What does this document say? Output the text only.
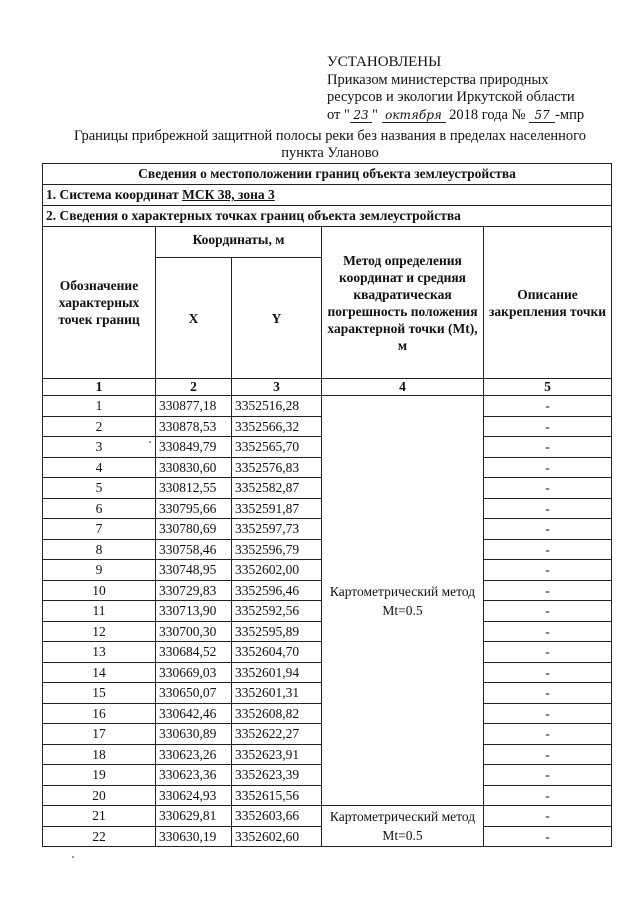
УСТАНОВЛЕНЫ
Приказом министерства природных
ресурсов и экологии Иркутской области
от " 23 " октября 2018 года № 57 -мпр
Границы прибрежной защитной полосы реки без названия в пределах населенного
пункта Уланово
Сведения о местоположении границ объекта землеустройства				
1. Система координат МСК 38, зона 3				
2. Сведения о характерных точках границ объекта землеустройства				
Обозначение характерных точек границ	Координаты, м		Метод определения координат и средняя квадратическая погрешность положения характерной точки (Mt), м	Описание закрепления точки
	X	Y		
1	2	3	4	5
1	330877,18	3352516,28	Картометрический метод Mt=0.5	-
2	330878,53	3352566,32		-
3	330849,79	3352565,70		-
4	330830,60	3352576,83		-
5	330812,55	3352582,87		-
6	330795,66	3352591,87		-
7	330780,69	3352597,73		-
8	330758,46	3352596,79		-
9	330748,95	3352602,00		-
10	330729,83	3352596,46		-
11	330713,90	3352592,56		-
12	330700,30	3352595,89		-
13	330684,52	3352604,70		-
14	330669,03	3352601,94		-
15	330650,07	3352601,31		-
16	330642,46	3352608,82		-
17	330630,89	3352622,27		-
18	330623,26	3352623,91		-
19	330623,36	3352623,39		-
20	330624,93	3352615,56		-
21	330629,81	3352603,66	Картометрический метод Mt=0.5	-
22	330630,19	3352602,60		-
